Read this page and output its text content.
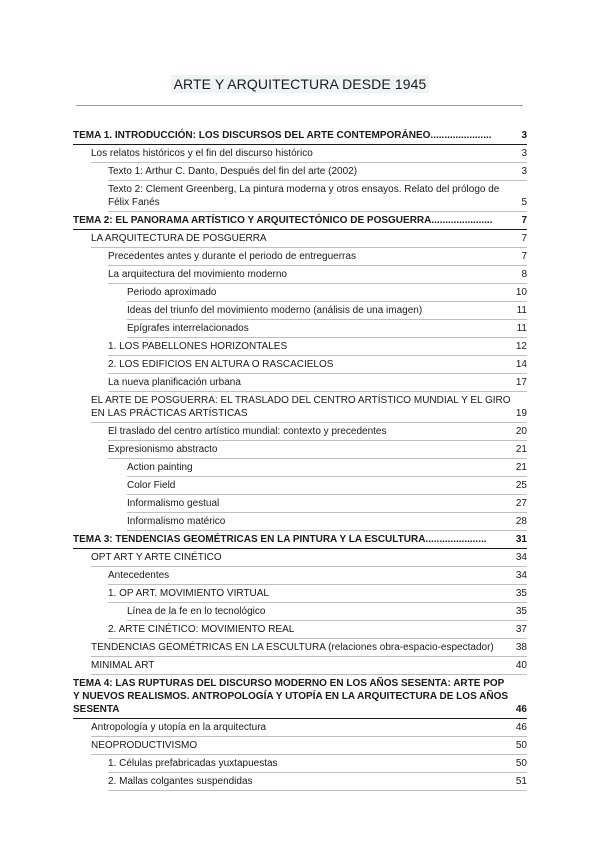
ARTE Y ARQUITECTURA DESDE 1945
TEMA 1. INTRODUCCIÓN: LOS DISCURSOS DEL ARTE CONTEMPORÁNEO......................	3
Los relatos históricos y el fin del discurso histórico	3
Texto 1: Arthur C. Danto, Después del fin del arte (2002)	3
Texto 2: Clement Greenberg, La pintura moderna y otros ensayos. Relato del prólogo de Félix Fanés	5
TEMA 2: EL PANORAMA ARTÍSTICO Y ARQUITECTÓNICO DE POSGUERRA......................	7
LA ARQUITECTURA DE POSGUERRA	7
Precedentes antes y durante el periodo de entreguerras	7
La arquitectura del movimiento moderno	8
Periodo aproximado	10
Ideas del triunfo del movimiento moderno (análisis de una imagen)	11
Epígrafes interrelacionados	11
1. LOS PABELLONES HORIZONTALES	12
2. LOS EDIFICIOS EN ALTURA O RASCACIELOS	14
La nueva planificación urbana	17
EL ARTE DE POSGUERRA: EL TRASLADO DEL CENTRO ARTÍSTICO MUNDIAL Y EL GIRO EN LAS PRÁCTICAS ARTÍSTICAS	19
El traslado del centro artístico mundial: contexto y precedentes	20
Expresionismo abstracto	21
Action painting	21
Color Field	25
Informalismo gestual	27
Informalismo matérico	28
TEMA 3: TENDENCIAS GEOMÉTRICAS EN LA PINTURA Y LA ESCULTURA......................	31
OPT ART Y ARTE CINÉTICO	34
Antecedentes	34
1. OP ART. MOVIMIENTO VIRTUAL	35
Línea de la fe en lo tecnológico	35
2. ARTE CINÉTICO: MOVIMIENTO REAL	37
TENDENCIAS GEOMÉTRICAS EN LA ESCULTURA (relaciones obra-espacio-espectador)	38
MINIMAL ART	40
TEMA 4: LAS RUPTURAS DEL DISCURSO MODERNO EN LOS AÑOS SESENTA: ARTE POP Y NUEVOS REALISMOS. ANTROPOLOGÍA Y UTOPÍA EN LA ARQUITECTURA DE LOS AÑOS SESENTA	46
Antropología y utopía en la arquitectura	46
NEOPRODUCTIVISMO	50
1. Células prefabricadas yuxtapuestas	50
2. Mallas colgantes suspendidas	51
